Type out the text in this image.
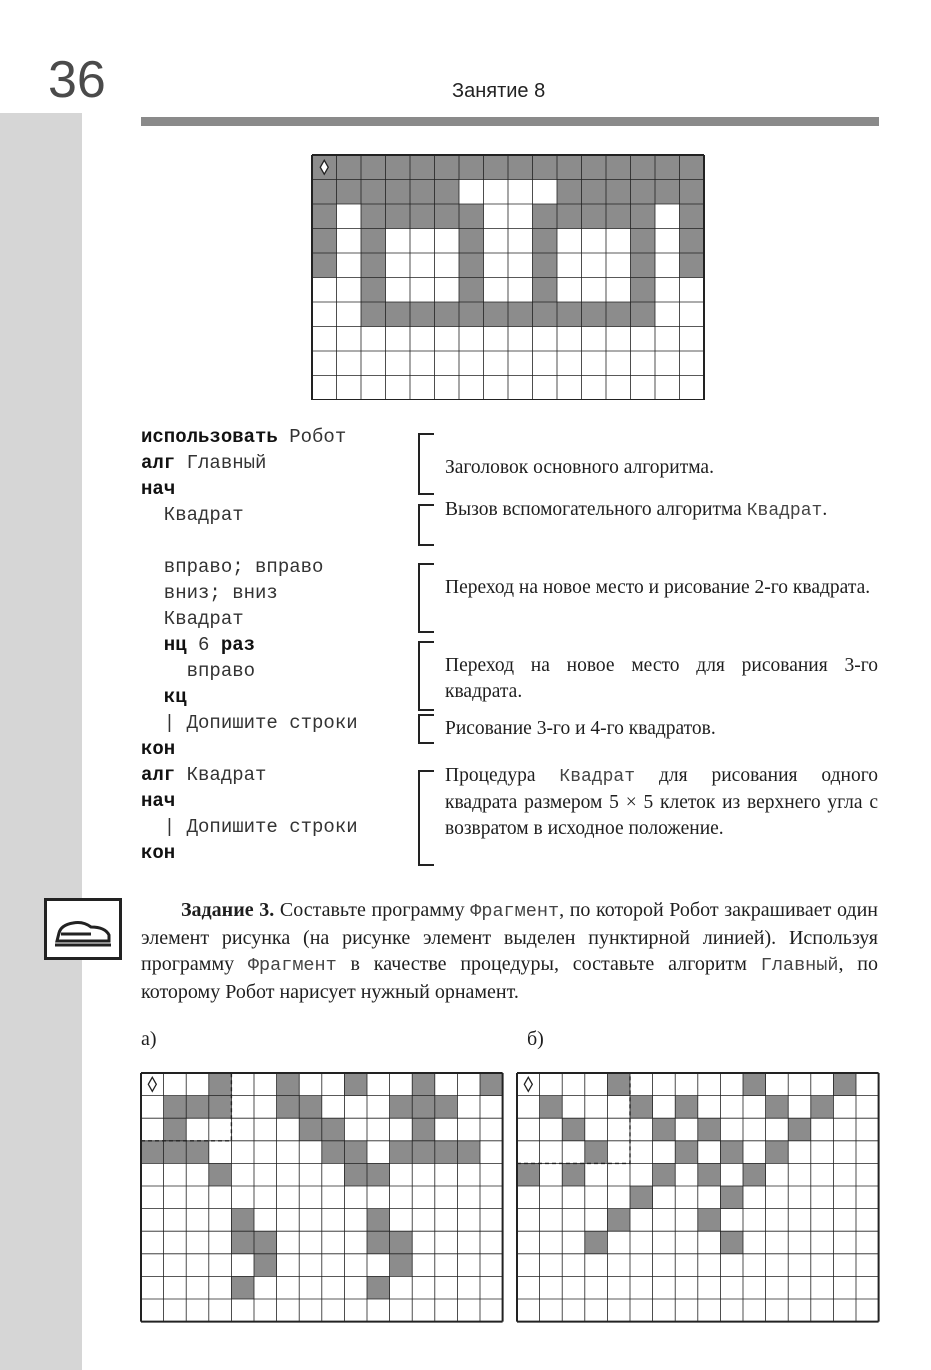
36	Занятие 8
использовать Робот
алг Главный
нач
Квадрат
вправо; вправо
вниз; вниз
Квадрат
нц 6 раз
вправо
кц
| Допишите строки
кон
алг Квадрат
нач
| Допишите строки
кон
Заголовок основного алгоритма.
Вызов вспомогательного алгоритма Квадрат.
Переход на новое место и рисование 2-го квадрата.
Переход на новое место для рисования 3-го квадрата.
Рисование 3-го и 4-го квадратов.
Процедура Квадрат для рисования одного квадрата размером 5 × 5 клеток из верхнего угла с возвратом в исходное положение.
Задание 3. Составьте программу Фрагмент, по которой Робот закрашивает один элемент рисунка (на рисунке элемент выделен пунктирной линией). Используя программу Фрагмент в качестве процедуры, составьте алгоритм Главный, по которому Робот нарисует нужный орнамент.
а)	б)
